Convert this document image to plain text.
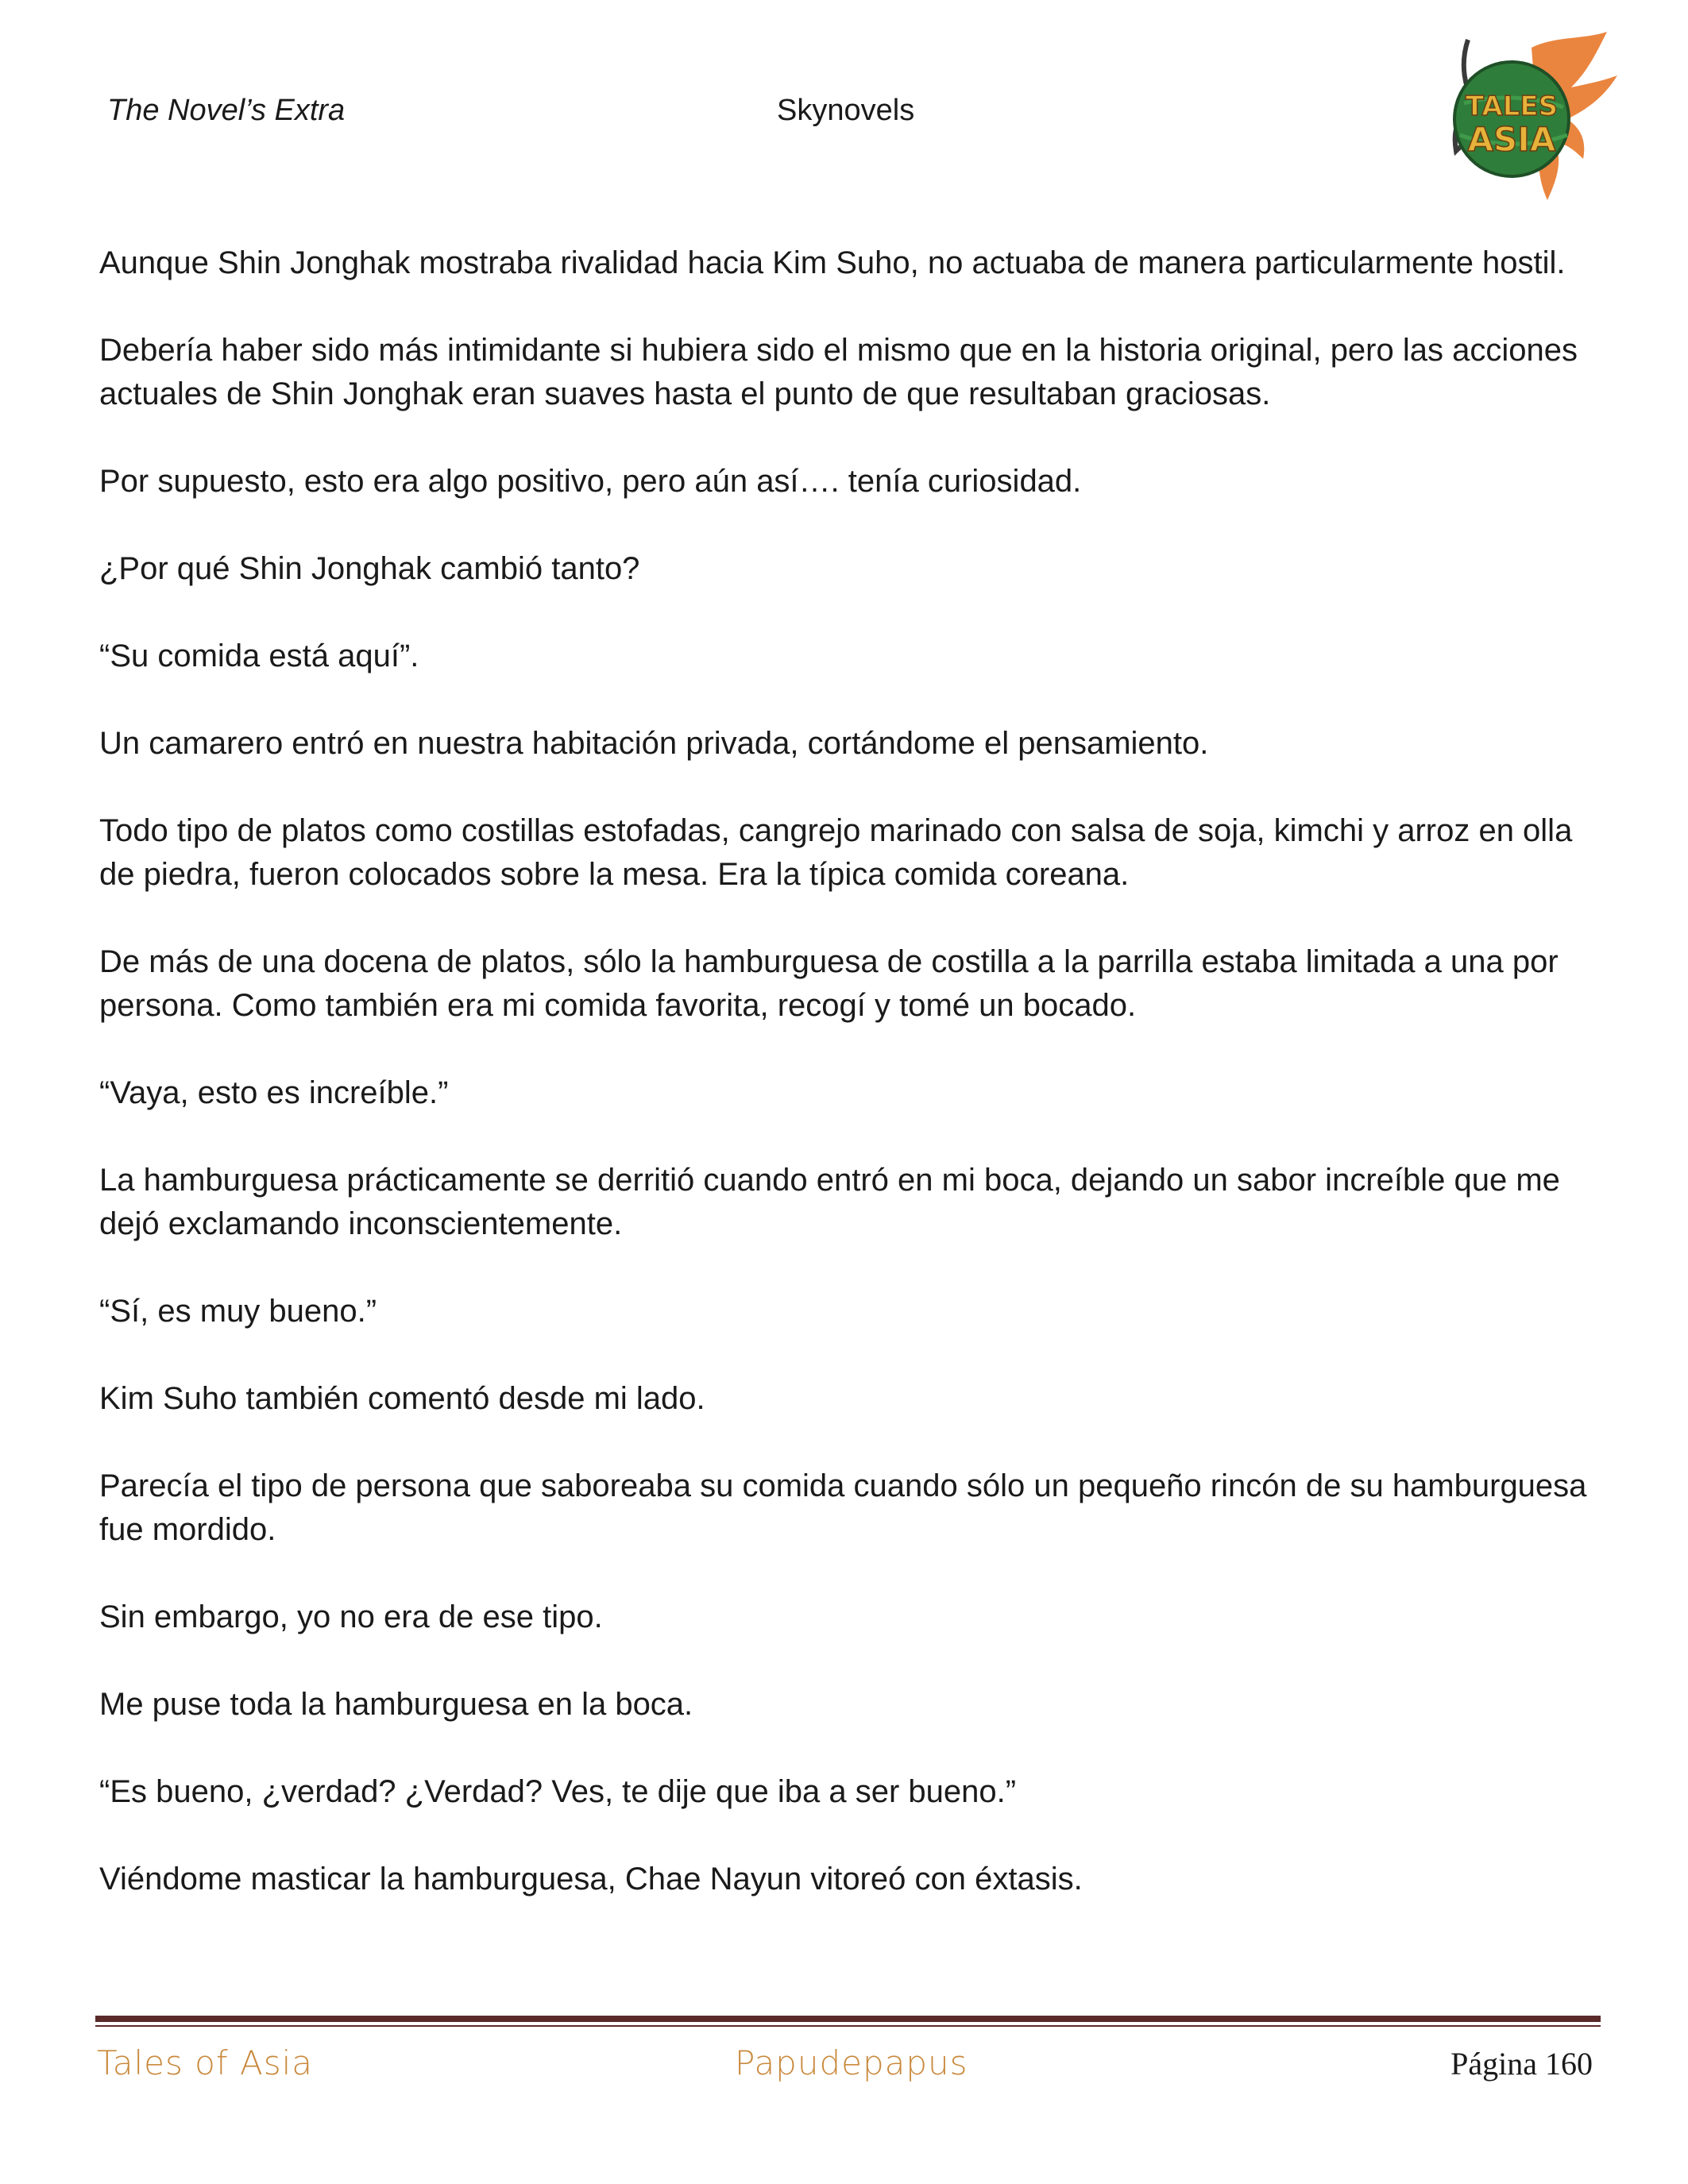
The Novel’s Extra	Skynovels	TALES
ASIA

Aunque Shin Jonghak mostraba rivalidad hacia Kim Suho, no actuaba de manera particularmente hostil.

Debería haber sido más intimidante si hubiera sido el mismo que en la historia original, pero las acciones actuales de Shin Jonghak eran suaves hasta el punto de que resultaban graciosas.

Por supuesto, esto era algo positivo, pero aún así…. tenía curiosidad.

¿Por qué Shin Jonghak cambió tanto?

“Su comida está aquí”.

Un camarero entró en nuestra habitación privada, cortándome el pensamiento.

Todo tipo de platos como costillas estofadas, cangrejo marinado con salsa de soja, kimchi y arroz en olla de piedra, fueron colocados sobre la mesa. Era la típica comida coreana.

De más de una docena de platos, sólo la hamburguesa de costilla a la parrilla estaba limitada a una por persona. Como también era mi comida favorita, recogí y tomé un bocado.

“Vaya, esto es increíble.”

La hamburguesa prácticamente se derritió cuando entró en mi boca, dejando un sabor increíble que me dejó exclamando inconscientemente.

“Sí, es muy bueno.”

Kim Suho también comentó desde mi lado.

Parecía el tipo de persona que saboreaba su comida cuando sólo un pequeño rincón de su hamburguesa fue mordido.

Sin embargo, yo no era de ese tipo.

Me puse toda la hamburguesa en la boca.

“Es bueno, ¿verdad? ¿Verdad? Ves, te dije que iba a ser bueno.”

Viéndome masticar la hamburguesa, Chae Nayun vitoreó con éxtasis.

Tales of Asia	Papudepapus	Página 160
